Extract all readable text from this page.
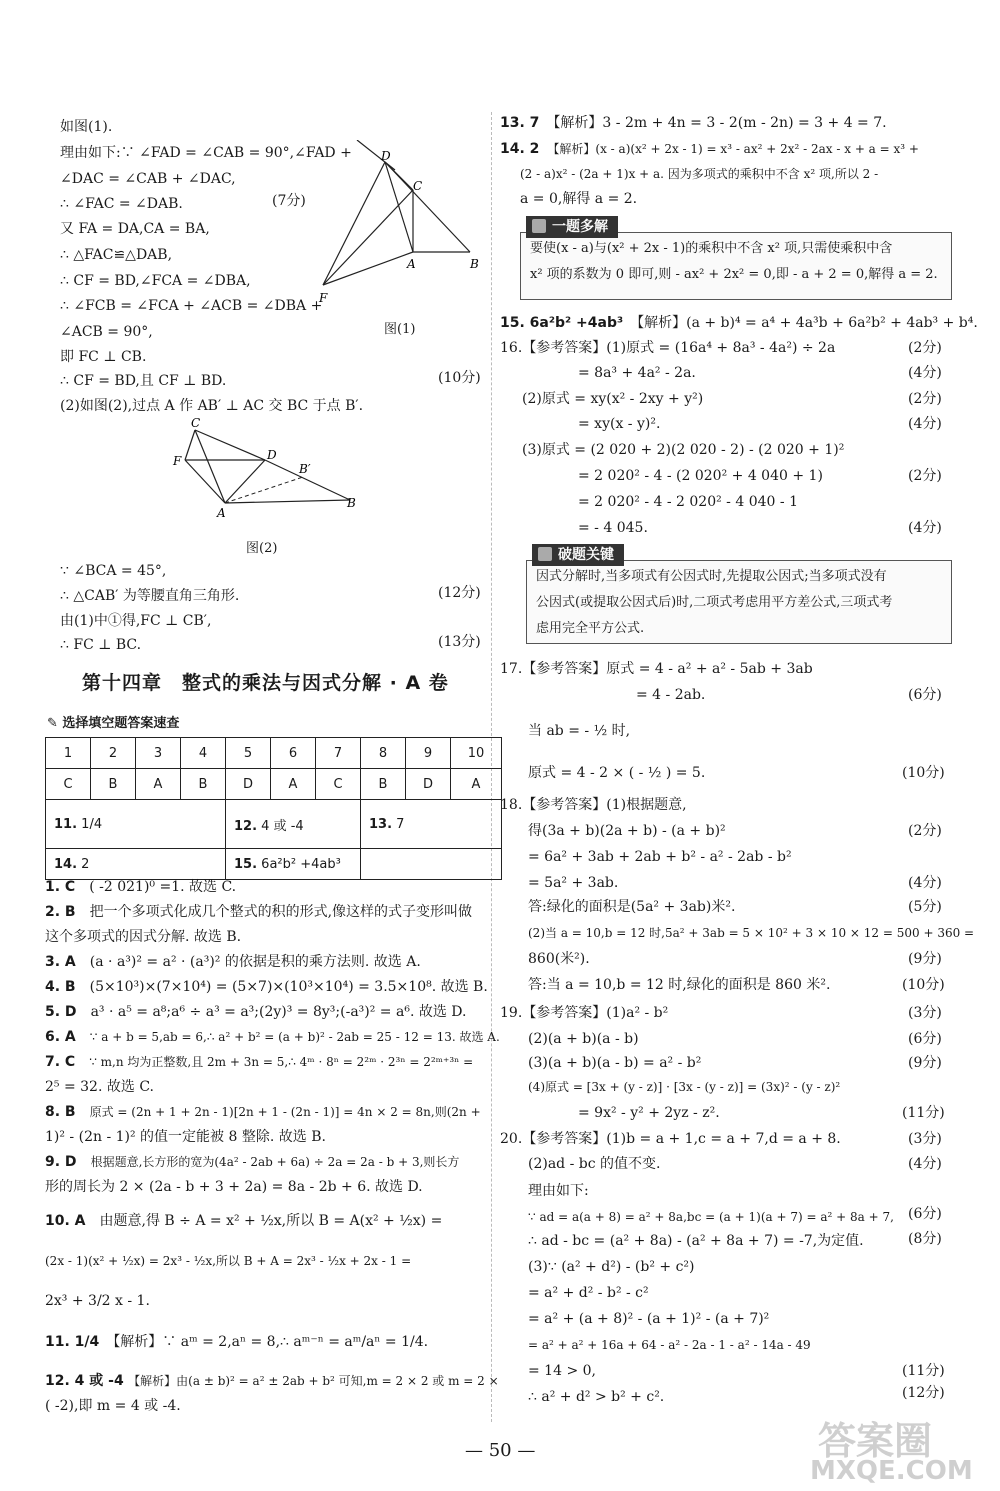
如图(1).
理由如下:∵ ∠FAD = ∠CAB = 90°,∠FAD +
∠DAC = ∠CAB + ∠DAC,
∴ ∠FAC = ∠DAB.	(7分)
又 FA = DA,CA = BA,
∴ △FAC≌△DAB,
∴ CF = BD,∠FCA = ∠DBA,
∴ ∠FCB = ∠FCA + ∠ACB = ∠DBA +
∠ACB = 90°,
即 FC ⊥ CB.
∴ CF = BD,且 CF ⊥ BD.	(10分)
(2)如图(2),过点 A 作 AB′ ⊥ AC 交 BC 于点 B′.
D
C
A	B
F
图(1)
C
F	D
B′
A
B
图(2)
∵ ∠BCA = 45°,
∴ △CAB′ 为等腰直角三角形.	(12分)
由(1)中①得,FC ⊥ CB′,
∴ FC ⊥ BC.	(13分)
第十四章　整式的乘法与因式分解 · A 卷
✎ 选择填空题答案速查
1	2	3	4	5	6	7	8	9	10
C	B	A	B	D	A	C	B	D	A
11. 1/4				12. 4 或 -4			13. 7		
14. 2				15. 6a²b² +4ab³					
1. C　 ( -2 021)⁰ =1. 故选 C.
2. B　 把一个多项式化成几个整式的积的形式,像这样的式子变形叫做
这个多项式的因式分解. 故选 B.
3. A　 (a · a³)² = a² · (a³)² 的依据是积的乘方法则. 故选 A.
4. B　 (5×10³)×(7×10⁴) = (5×7)×(10³×10⁴) = 3.5×10⁸. 故选 B.
5. D　 a³ · a⁵ = a⁸;a⁶ ÷ a³ = a³;(2y)³ = 8y³;(-a³)² = a⁶. 故选 D.
6. A　 ∵ a + b = 5,ab = 6,∴ a² + b² = (a + b)² - 2ab = 25 - 12 = 13. 故选 A.
7. C　 ∵ m,n 均为正整数,且 2m + 3n = 5,∴ 4ᵐ · 8ⁿ = 2²ᵐ · 2³ⁿ = 2²ᵐ⁺³ⁿ =
2⁵ = 32. 故选 C.
8. B　 原式 = (2n + 1 + 2n - 1)[2n + 1 - (2n - 1)] = 4n × 2 = 8n,则(2n +
1)² - (2n - 1)² 的值一定能被 8 整除. 故选 B.
9. D　 根据题意,长方形的宽为(4a² - 2ab + 6a) ÷ 2a = 2a - b + 3,则长方
形的周长为 2 × (2a - b + 3 + 2a) = 8a - 2b + 6. 故选 D.
10. A　 由题意,得 B ÷ A = x² + ½x,所以 B = A(x² + ½x) =
(2x - 1)(x² + ½x) = 2x³ - ½x,所以 B + A = 2x³ - ½x + 2x - 1 =
2x³ + 3/2 x - 1.
11. 1/4　 【解析】∵ aᵐ = 2,aⁿ = 8,∴ aᵐ⁻ⁿ = aᵐ/aⁿ = 1/4.
12. 4 或 -4 【解析】由(a ± b)² = a² ± 2ab + b² 可知,m = 2 × 2 或 m = 2 ×
( -2),即 m = 4 或 -4.
13. 7　 【解析】3 - 2m + 4n = 3 - 2(m - 2n) = 3 + 4 = 7.
14. 2　 【解析】(x - a)(x² + 2x - 1) = x³ - ax² + 2x² - 2ax - x + a = x³ +
(2 - a)x² - (2a + 1)x + a. 因为多项式的乘积中不含 x² 项,所以 2 -
a = 0,解得 a = 2.
一题多解
要使(x - a)与(x² + 2x - 1)的乘积中不含 x² 项,只需使乘积中含
x² 项的系数为 0 即可,则 - ax² + 2x² = 0,即 - a + 2 = 0,解得 a = 2.
15. 6a²b² +4ab³　 【解析】(a + b)⁴ = a⁴ + 4a³b + 6a²b² + 4ab³ + b⁴.
16.【参考答案】(1)原式 = (16a⁴ + 8a³ - 4a²) ÷ 2a	(2分)
= 8a³ + 4a² - 2a.	(4分)
(2)原式 = xy(x² - 2xy + y²)	(2分)
= xy(x - y)².	(4分)
(3)原式 = (2 020 + 2)(2 020 - 2) - (2 020 + 1)²
= 2 020² - 4 - (2 020² + 4 040 + 1)	(2分)
= 2 020² - 4 - 2 020² - 4 040 - 1
= - 4 045.	(4分)
破题关键
因式分解时,当多项式有公因式时,先提取公因式;当多项式没有
公因式(或提取公因式后)时,二项式考虑用平方差公式,三项式考
虑用完全平方公式.
17.【参考答案】原式 = 4 - a² + a² - 5ab + 3ab
= 4 - 2ab.	(6分)
当 ab = - ½ 时,
原式 = 4 - 2 × ( - ½ ) = 5.	(10分)
18.【参考答案】(1)根据题意,
得(3a + b)(2a + b) - (a + b)²	(2分)
= 6a² + 3ab + 2ab + b² - a² - 2ab - b²
= 5a² + 3ab.	(4分)
答:绿化的面积是(5a² + 3ab)米².	(5分)
(2)当 a = 10,b = 12 时,5a² + 3ab = 5 × 10² + 3 × 10 × 12 = 500 + 360 =
860(米²).	(9分)
答:当 a = 10,b = 12 时,绿化的面积是 860 米².	(10分)
19.【参考答案】(1)a² - b²	(3分)
(2)(a + b)(a - b)	(6分)
(3)(a + b)(a - b) = a² - b²	(9分)
(4)原式 = [3x + (y - z)] · [3x - (y - z)] = (3x)² - (y - z)²
= 9x² - y² + 2yz - z².	(11分)
20.【参考答案】(1)b = a + 1,c = a + 7,d = a + 8.	(3分)
(2)ad - bc 的值不变.	(4分)
理由如下:
∵ ad = a(a + 8) = a² + 8a,bc = (a + 1)(a + 7) = a² + 8a + 7, (6分)
∴ ad - bc = (a² + 8a) - (a² + 8a + 7) = -7,为定值.	(8分)
(3)∵ (a² + d²) - (b² + c²)
= a² + d² - b² - c²
= a² + (a + 8)² - (a + 1)² - (a + 7)²
= a² + a² + 16a + 64 - a² - 2a - 1 - a² - 14a - 49
= 14 > 0,	(11分)
∴ a² + d² > b² + c².	(12分)
— 50 —	答案圈
MXQE.COM
